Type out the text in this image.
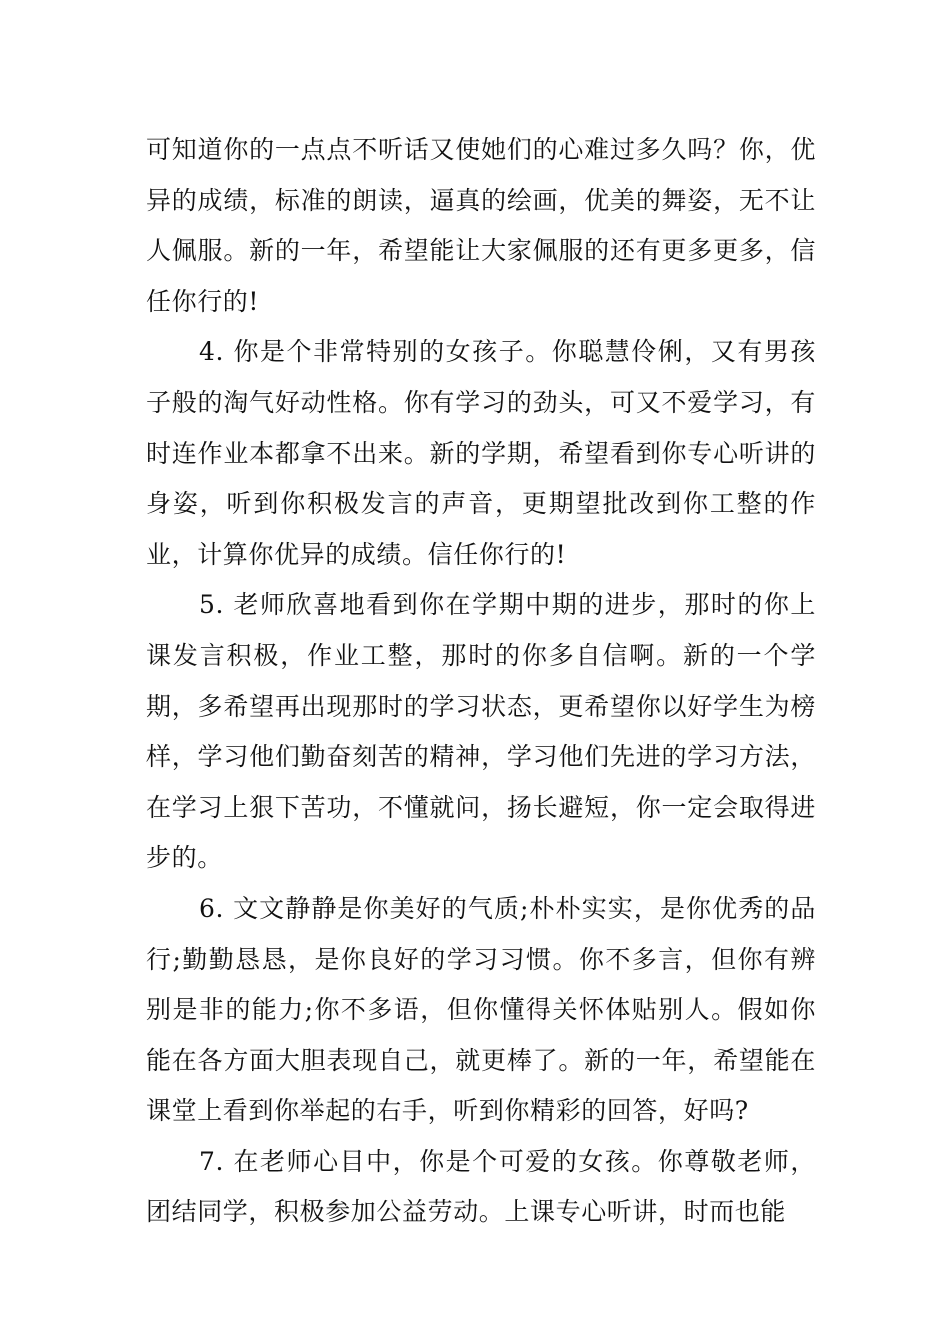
可知道你的一点点不听话又使她们的心难过多久吗？你，优异的成绩，标准的朗读，逼真的绘画，优美的舞姿，无不让人佩服。新的一年，希望能让大家佩服的还有更多更多，信任你行的!

4. 你是个非常特别的女孩子。你聪慧伶俐，又有男孩子般的淘气好动性格。你有学习的劲头，可又不爱学习，有时连作业本都拿不出来。新的学期，希望看到你专心听讲的身姿，听到你积极发言的声音，更期望批改到你工整的作业，计算你优异的成绩。信任你行的!

5. 老师欣喜地看到你在学期中期的进步，那时的你上课发言积极，作业工整，那时的你多自信啊。新的一个学期，多希望再出现那时的学习状态，更希望你以好学生为榜样，学习他们勤奋刻苦的精神，学习他们先进的学习方法，在学习上狠下苦功，不懂就问，扬长避短，你一定会取得进步的。

6. 文文静静是你美好的气质;朴朴实实，是你优秀的品行;勤勤恳恳，是你良好的学习习惯。你不多言，但你有辨别是非的能力;你不多语，但你懂得关怀体贴别人。假如你能在各方面大胆表现自己，就更棒了。新的一年，希望能在课堂上看到你举起的右手，听到你精彩的回答，好吗?

7. 在老师心目中，你是个可爱的女孩。你尊敬老师，团结同学，积极参加公益劳动。上课专心听讲，时而也能
